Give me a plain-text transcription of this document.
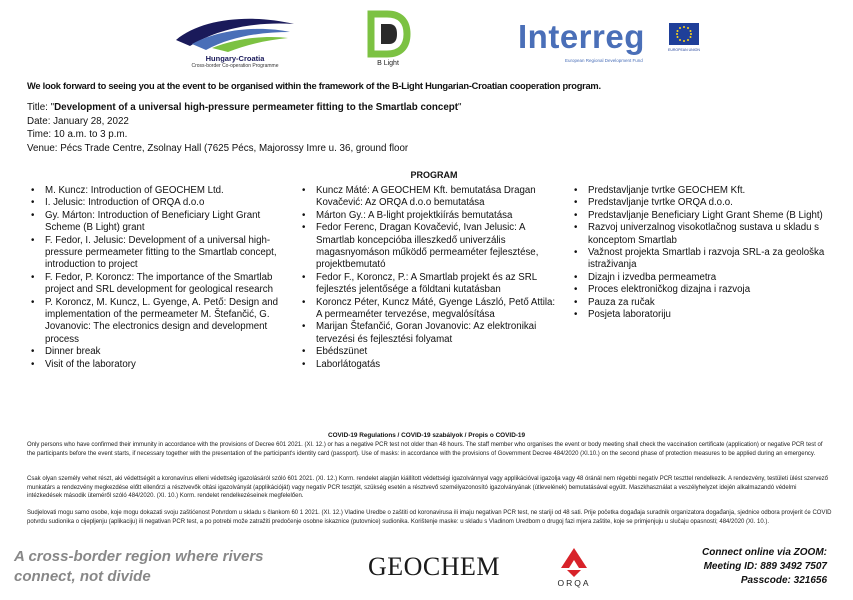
Hungary-Croatia
Cross-border Co-operation Programme	B Light
Interreg
European Regional Development Fund
EUROPEAN UNION
We look forward to seeing you at the event to be organised within the framework of the B-Light Hungarian-Croatian cooperation program.
Title: "Development of a universal high-pressure permeameter fitting to the Smartlab concept"
Date: January 28, 2022
Time: 10 a.m. to 3 p.m.
Venue: Pécs Trade Centre, Zsolnay Hall (7625 Pécs, Majorossy Imre u. 36, ground floor
PROGRAM
• M. Kuncz: Introduction of GEOCHEM Ltd.
• I. Jelusic: Introduction of ORQA d.o.o
• Gy. Márton: Introduction of Beneficiary Light Grant Scheme (B Light) grant
• F. Fedor, I. Jelusic: Development of a universal high-pressure permeameter fitting to the Smartlab concept, introduction to project
• F. Fedor, P. Koroncz: The importance of the Smartlab project and SRL development for geological research
• P. Koroncz, M. Kuncz, L. Gyenge, A. Pető: Design and implementation of the permeameter M. Štefančić, G. Jovanovic: The electronics design and development process
• Dinner break
• Visit of the laboratory
• Kuncz Máté: A GEOCHEM Kft. bemutatása Dragan Kovačević: Az ORQA d.o.o bemutatása
• Márton Gy.: A B-light projektkiírás bemutatása
• Fedor Ferenc, Dragan Kovačević, Ivan Jelusic: A Smartlab koncepcióba illeszkedő univerzális magasnyomáson működő permeaméter fejlesztése, projektbemutató
• Fedor F., Koroncz, P.: A Smartlab projekt és az SRL fejlesztés jelentősége a földtani kutatásban
• Koroncz Péter, Kuncz Máté, Gyenge László, Pető Attila: A permeaméter tervezése, megvalósítása
• Marijan Štefančić, Goran Jovanovic: Az elektronikai tervezési és fejlesztési folyamat
• Ebédszünet
• Laborlátogatás
• Predstavljanje tvrtke GEOCHEM Kft.
• Predstavljanje tvrtke ORQA d.o.o.
• Predstavljanje Beneficiary Light Grant Sheme (B Light)
• Razvoj univerzalnog visokotlačnog sustava u skladu s konceptom Smartlab
• Važnost projekta Smartlab i razvoja SRL-a za geološka istraživanja
• Dizajn i izvedba permeametra
• Proces elektroničkog dizajna i razvoja
• Pauza za ručak
• Posjeta laboratoriju
COVID-19 Regulations / COVID-19 szabályok / Propis o COVID-19
Only persons who have confirmed their immunity in accordance with the provisions of Decree 601 2021. (XI. 12.) or has a negative PCR test not older than 48 hours. The staff member who organises the event or body meeting shall check the vaccination certificate (application) or negative PCR test of the participants before the event starts, if necessary together with the presentation of the participant's identity card (passport). Use of masks: in accordance with the provisions of Government Decree 484/2020 (XI.10.) on the second phase of protection measures to be applied during an emergency.
Csak olyan személy vehet részt, aki védettségét a koronavírus elleni védettség igazolásáról szóló 601 2021. (XI. 12.) Korm. rendelet alapján kiállított védettségi igazolvánnyal vagy applikációval igazolja vagy 48 óránál nem régebbi negatív PCR teszttel rendelkezik. A rendezvény, testületi ülést szervező munkatárs a rendezvény megkezdése előtt ellenőrzi a résztvevők oltási igazolványát (applikációját) vagy negatív PCR tesztjét, szükség esetén a résztvevő személyazonosító igazolványának (útlevelének) bemutatásával együtt. Maszkhasználat a veszélyhelyzet idején alkalmazandó védelmi intézkedések második üteméről szóló 484/2020. (XI. 10.) Korm. rendelet rendelkezéseinek megfelelően.
Sudjelovati mogu samo osobe, koje mogu dokazati svoju zaštićenost Potvrdom u skladu s člankom 60 1 2021. (XI. 12.) Vladine Uredbe o zaštiti od koronavirusa ili imaju negativan PCR test, ne stariji od 48 sati. Prije početka događaja suradnik organizatora događanja, sjednice odbora provjerit će COVID potvrdu sudionika o cijepljenju (aplikaciju) ili negativan PCR test, a po potrebi može zatražiti predočenje osobne iskaznice (putovnice) sudionika. Korištenje maske: u skladu s Vladinom Uredbom o drugoj fazi mjera zaštite, koje se primjenjuju u slučaju opasnosti; 484/2020 (XI. 10.).
A cross-border region where rivers
connect, not divide	GEOCHEM
ORQA
Connect online via ZOOM:
Meeting ID: 889 3492 7507
Passcode: 321656
